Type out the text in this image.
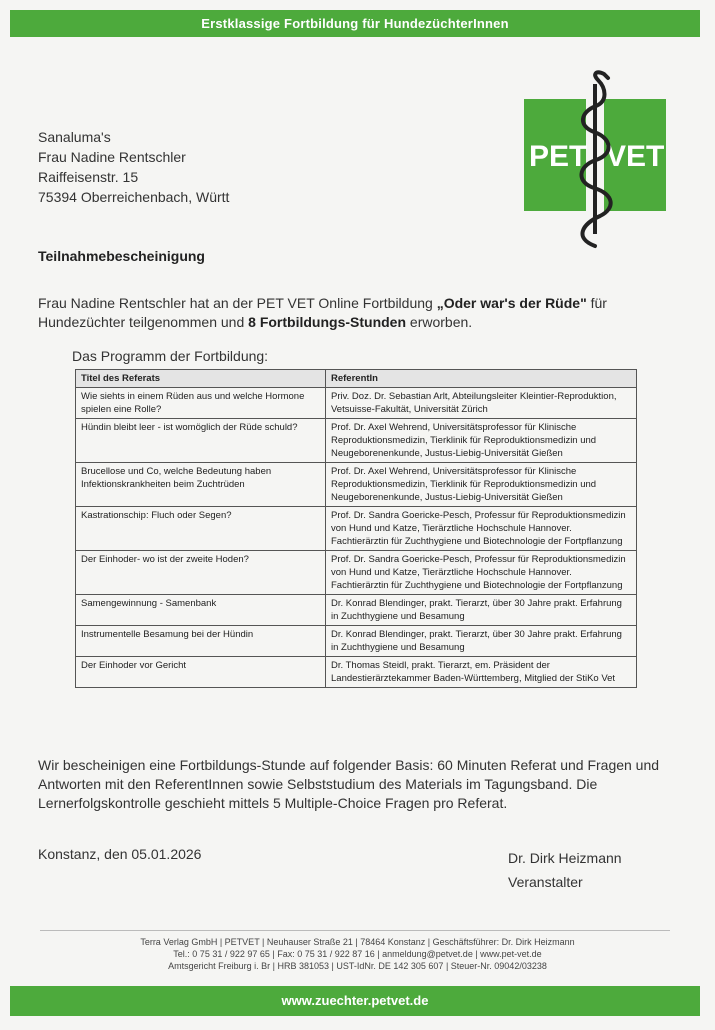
Erstklassige Fortbildung für HundezüchterInnen
Sanaluma's
Frau Nadine Rentschler
Raiffeisenstr. 15
75394 Oberreichenbach, Württ
PET VET
Teilnahmebescheinigung
Frau Nadine Rentschler hat an der PET VET Online Fortbildung „Oder war's der Rüde" für Hundezüchter teilgenommen und 8 Fortbildungs-Stunden erworben.
Das Programm der Fortbildung:
Titel des Referats	ReferentIn
Wie siehts in einem Rüden aus und welche Hormone spielen eine Rolle?	Priv. Doz. Dr. Sebastian Arlt, Abteilungsleiter Kleintier-Reproduktion, Vetsuisse-Fakultät, Universität Zürich
Hündin bleibt leer - ist womöglich der Rüde schuld?	Prof. Dr. Axel Wehrend, Universitätsprofessor für Klinische Reproduktionsmedizin, Tierklinik für Reproduktionsmedizin und Neugeborenenkunde, Justus-Liebig-Universität Gießen
Brucellose und Co, welche Bedeutung haben Infektionskrankheiten beim Zuchtrüden	Prof. Dr. Axel Wehrend, Universitätsprofessor für Klinische Reproduktionsmedizin, Tierklinik für Reproduktionsmedizin und Neugeborenenkunde, Justus-Liebig-Universität Gießen
Kastrationschip: Fluch oder Segen?	Prof. Dr. Sandra Goericke-Pesch, Professur für Reproduktionsmedizin von Hund und Katze, Tierärztliche Hochschule Hannover. Fachtierärztin für Zuchthygiene und Biotechnologie der Fortpflanzung
Der Einhoder- wo ist der zweite Hoden?	Prof. Dr. Sandra Goericke-Pesch, Professur für Reproduktionsmedizin von Hund und Katze, Tierärztliche Hochschule Hannover. Fachtierärztin für Zuchthygiene und Biotechnologie der Fortpflanzung
Samengewinnung - Samenbank	Dr. Konrad Blendinger, prakt. Tierarzt, über 30 Jahre prakt. Erfahrung in Zuchthygiene und Besamung
Instrumentelle Besamung bei der Hündin	Dr. Konrad Blendinger, prakt. Tierarzt, über 30 Jahre prakt. Erfahrung in Zuchthygiene und Besamung
Der Einhoder vor Gericht	Dr. Thomas Steidl, prakt. Tierarzt, em. Präsident der Landestierärztekammer Baden-Württemberg, Mitglied der StiKo Vet
Wir bescheinigen eine Fortbildungs-Stunde auf folgender Basis: 60 Minuten Referat und Fragen und Antworten mit den ReferentInnen sowie Selbststudium des Materials im Tagungsband. Die Lernerfolgskontrolle geschieht mittels 5 Multiple-Choice Fragen pro Referat.
Konstanz, den 05.01.2026	Dr. Dirk Heizmann
Veranstalter
Terra Verlag GmbH | PETVET | Neuhauser Straße 21 | 78464 Konstanz | Geschäftsführer: Dr. Dirk Heizmann
Tel.: 0 75 31 / 922 97 65 | Fax: 0 75 31 / 922 87 16 | anmeldung@petvet.de | www.pet-vet.de
Amtsgericht Freiburg i. Br | HRB 381053 | UST-IdNr. DE 142 305 607 | Steuer-Nr. 09042/03238
www.zuechter.petvet.de
